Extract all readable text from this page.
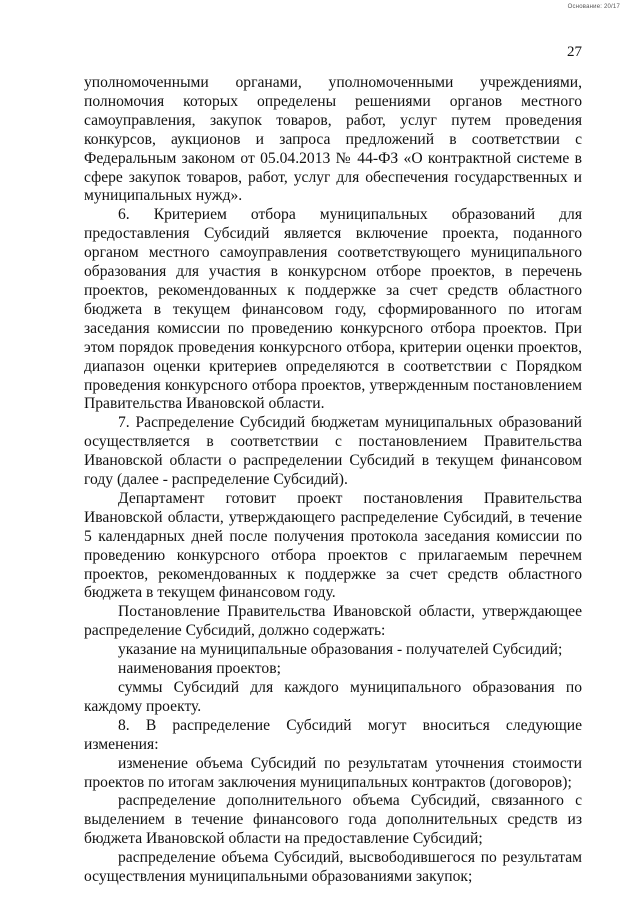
Основание: 20/17
27

уполномоченными органами, уполномоченными учреждениями, полномочия которых определены решениями органов местного самоуправления, закупок товаров, работ, услуг путем проведения конкурсов, аукционов и запроса предложений в соответствии с Федеральным законом от 05.04.2013 № 44-ФЗ «О контрактной системе в сфере закупок товаров, работ, услуг для обеспечения государственных и муниципальных нужд».

6. Критерием отбора муниципальных образований для предоставления Субсидий является включение проекта, поданного органом местного самоуправления соответствующего муниципального образования для участия в конкурсном отборе проектов, в перечень проектов, рекомендованных к поддержке за счет средств областного бюджета в текущем финансовом году, сформированного по итогам заседания комиссии по проведению конкурсного отбора проектов. При этом порядок проведения конкурсного отбора, критерии оценки проектов, диапазон оценки критериев определяются в соответствии с Порядком проведения конкурсного отбора проектов, утвержденным постановлением Правительства Ивановской области.

7. Распределение Субсидий бюджетам муниципальных образований осуществляется в соответствии с постановлением Правительства Ивановской области о распределении Субсидий в текущем финансовом году (далее - распределение Субсидий).

Департамент готовит проект постановления Правительства Ивановской области, утверждающего распределение Субсидий, в течение 5 календарных дней после получения протокола заседания комиссии по проведению конкурсного отбора проектов с прилагаемым перечнем проектов, рекомендованных к поддержке за счет средств областного бюджета в текущем финансовом году.

Постановление Правительства Ивановской области, утверждающее распределение Субсидий, должно содержать:

указание на муниципальные образования - получателей Субсидий;

наименования проектов;

суммы Субсидий для каждого муниципального образования по каждому проекту.

8. В распределение Субсидий могут вноситься следующие изменения:

изменение объема Субсидий по результатам уточнения стоимости проектов по итогам заключения муниципальных контрактов (договоров);

распределение дополнительного объема Субсидий, связанного с выделением в течение финансового года дополнительных средств из бюджета Ивановской области на предоставление Субсидий;

распределение объема Субсидий, высвободившегося по результатам осуществления муниципальными образованиями закупок;
